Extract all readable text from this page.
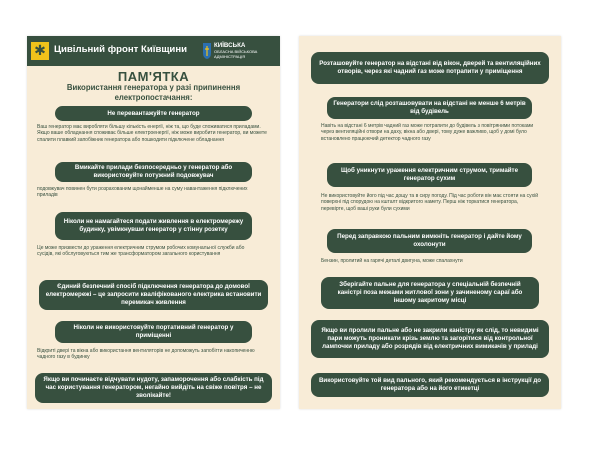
✱ Цивільний фронт Київщини	КИЇВСЬКА
ОБЛАСНА ВІЙСЬКОВА
АДМІНІСТРАЦІЯ
ПАМ'ЯТКА
Використання генератора у разі припинення електропостачання:
Не перевантажуйте генератор
Ваш генератор має виробляти більшу кількість енергії, ніж та, що буде споживатися приладами. Якщо ваше обладнання споживає більше електроенергії, ніж може виробити генератор, ви можете спалити плавкий запобіжник генератора або пошкодити підключене обладнання
Вмикайте прилади безпосередньо у генератор або використовуйте потужний подовжувач
подовжувач повинен бути розрахованим щонайменше на суму навантаження підключених приладів
Ніколи не намагайтеся подати живлення в електромережу будинку, увімкнувши генератор у стінну розетку
Це може призвести до ураження електричним струмом робочих комунальної служби або сусідів, які обслуговуються тим же трансформатором загального користування
Єдиний безпечний спосіб підключення генератора до домової електромережі – це запросити кваліфікованого електрика встановити перемикач живлення
Ніколи не використовуйте портативний генератор у приміщенні
Відкриті двері та вікна або використання вентиляторів не допоможуть запобігти накопиченню чадного газу в будинку
Якщо ви починаєте відчувати нудоту, запаморочення або слабкість під час користування генератором, негайно вийдіть на свіже повітря – не зволікайте!
Розташовуйте генератор на відстані від вікон, дверей та вентиляційних отворів, через які чадний газ може потрапити у приміщення
Генератори слід розташовувати на відстані не менше 6 метрів від будівель
Навіть на відстані 6 метрів чадний газ може потрапити до будівель з повітряними потоками через вентиляційні отвори на даху, вікна або двері, тому дуже важливо, щоб у домі було встановлено працюючий детектор чадного газу
Щоб уникнути ураження електричним струмом, тримайте генератор сухим
Не використовуйте його під час дощу та в сиру погоду. Під час роботи він має стояти на сухій поверхні під спорудою на кшталт відкритого намету. Перш ніж торкатися генератора, перевірте, щоб ваші руки були сухими
Перед заправкою пальним вимкніть генератор і дайте йому охолонути
Бензин, пролитий на гарячі деталі двигуна, може спалахнути
Зберігайте пальне для генератора у спеціальній безпечній каністрі поза межами житлової зони у зачиненому сараї або іншому закритому місці
Якщо ви пролили пальне або не закрили каністру як слід, то невидимі пари можуть проникати крізь землю та загорітися від контрольної лампочки приладу або розрядів від електричних вимикачів у приладі
Використовуйте той вид пального, який рекомендується в інструкції до генератора або на його етикетці
